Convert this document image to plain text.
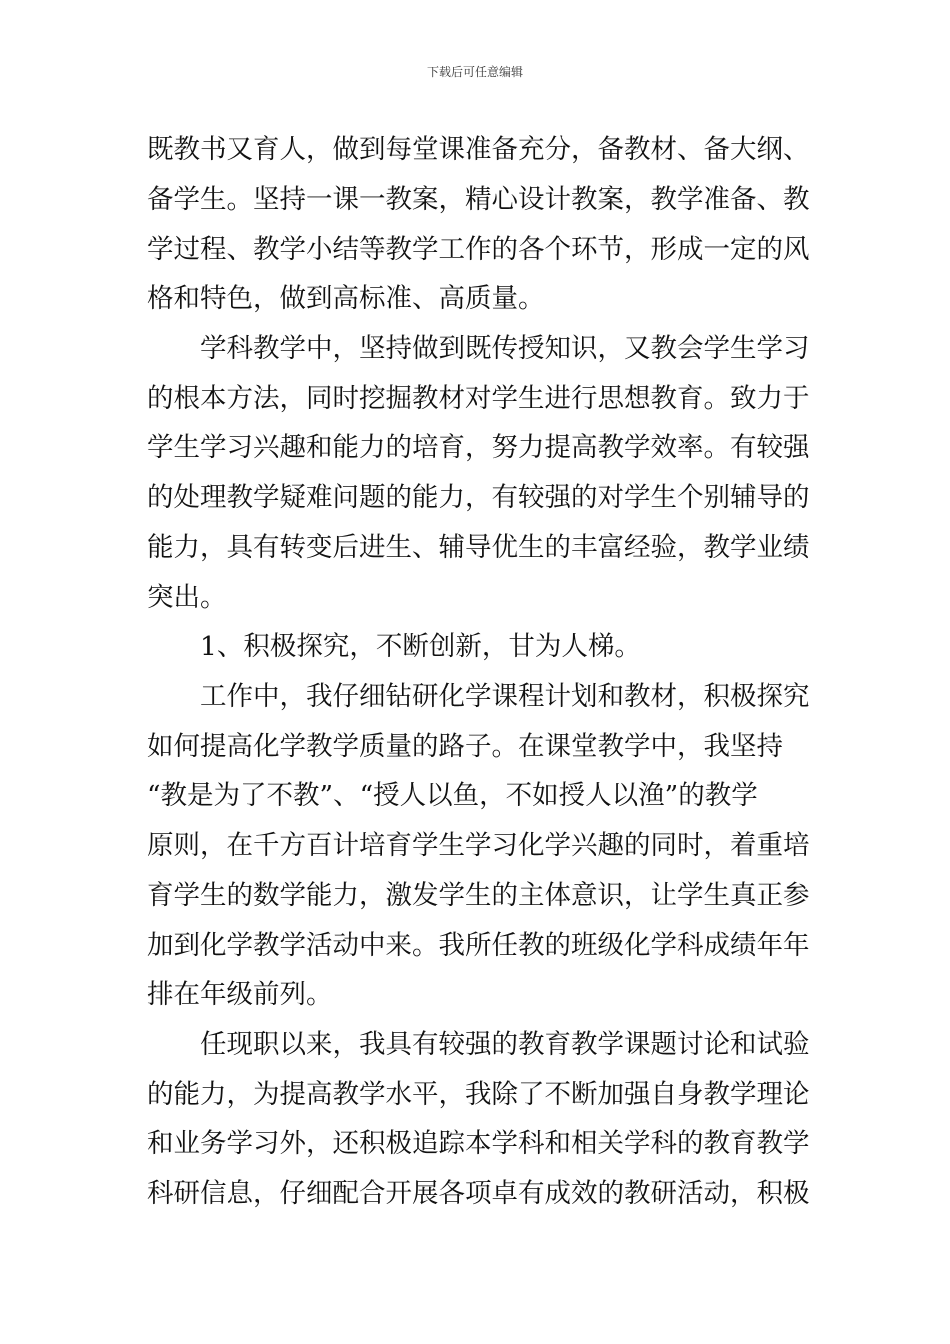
下载后可任意编辑
既教书又育人，做到每堂课准备充分，备教材、备大纲、
备学生。坚持一课一教案，精心设计教案，教学准备、教
学过程、教学小结等教学工作的各个环节，形成一定的风
格和特色，做到高标准、高质量。
　　学科教学中，坚持做到既传授知识，又教会学生学习
的根本方法，同时挖掘教材对学生进行思想教育。致力于
学生学习兴趣和能力的培育，努力提高教学效率。有较强
的处理教学疑难问题的能力，有较强的对学生个别辅导的
能力，具有转变后进生、辅导优生的丰富经验，教学业绩
突出。
　　1、积极探究，不断创新，甘为人梯。
　　工作中，我仔细钻研化学课程计划和教材，积极探究
如何提高化学教学质量的路子。在课堂教学中，我坚持
“教是为了不教”、“授人以鱼，不如授人以渔”的教学
原则，在千方百计培育学生学习化学兴趣的同时，着重培
育学生的数学能力，激发学生的主体意识，让学生真正参
加到化学教学活动中来。我所任教的班级化学科成绩年年
排在年级前列。
　　任现职以来，我具有较强的教育教学课题讨论和试验
的能力，为提高教学水平，我除了不断加强自身教学理论
和业务学习外，还积极追踪本学科和相关学科的教育教学
科研信息，仔细配合开展各项卓有成效的教研活动，积极
